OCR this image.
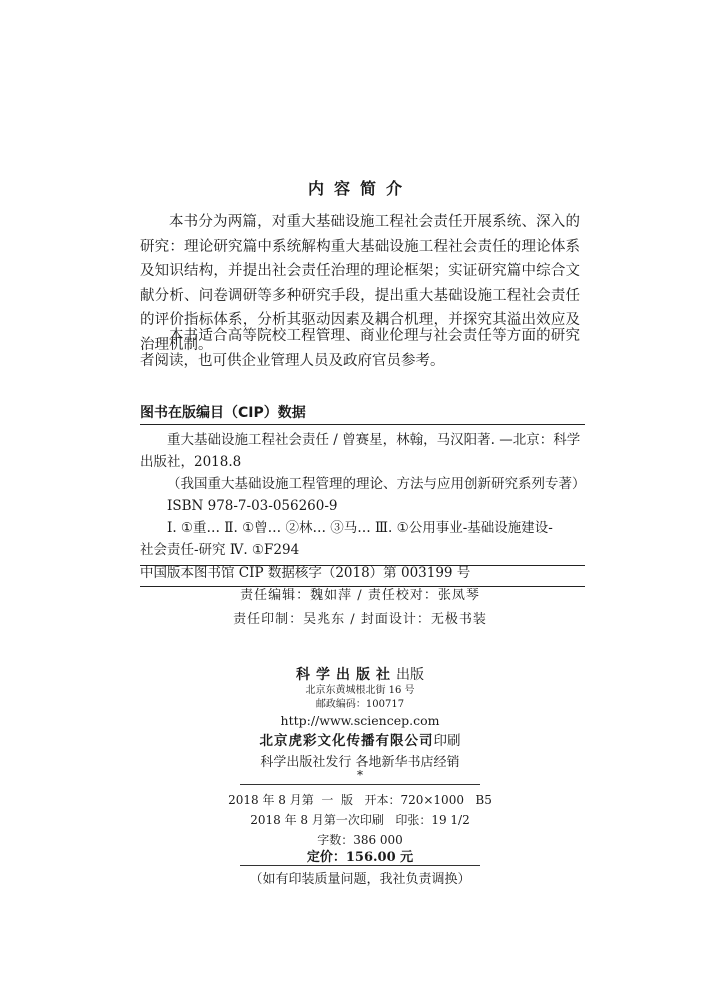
内容简介

本书分为两篇，对重大基础设施工程社会责任开展系统、深入的研究：理论研究篇中系统解构重大基础设施工程社会责任的理论体系及知识结构，并提出社会责任治理的理论框架；实证研究篇中综合文献分析、问卷调研等多种研究手段，提出重大基础设施工程社会责任的评价指标体系，分析其驱动因素及耦合机理，并探究其溢出效应及治理机制。

本书适合高等院校工程管理、商业伦理与社会责任等方面的研究者阅读，也可供企业管理人员及政府官员参考。

图书在版编目（CIP）数据
重大基础设施工程社会责任 / 曾赛星，林翰，马汉阳著. —北京：科学
出版社，2018.8
（我国重大基础设施工程管理的理论、方法与应用创新研究系列专著）
ISBN 978-7-03-056260-9
Ⅰ. ①重… Ⅱ. ①曾… ②林… ③马… Ⅲ. ①公用事业-基础设施建设-
社会责任-研究 Ⅳ. ①F294
中国版本图书馆 CIP 数据核字（2018）第 003199 号
责任编辑：魏如萍 / 责任校对：张凤琴
责任印制：吴兆东 / 封面设计：无极书装
科学出版社出版
北京东黄城根北街 16 号
邮政编码：100717
http://www.sciencep.com
北京虎彩文化传播有限公司印刷
科学出版社发行 各地新华书店经销
*
2018 年 8 月第  一  版   开本：720×1000   B5
2018 年 8 月第一次印刷   印张：19 1/2
字数：386 000
定价：156.00 元
（如有印装质量问题，我社负责调换）
